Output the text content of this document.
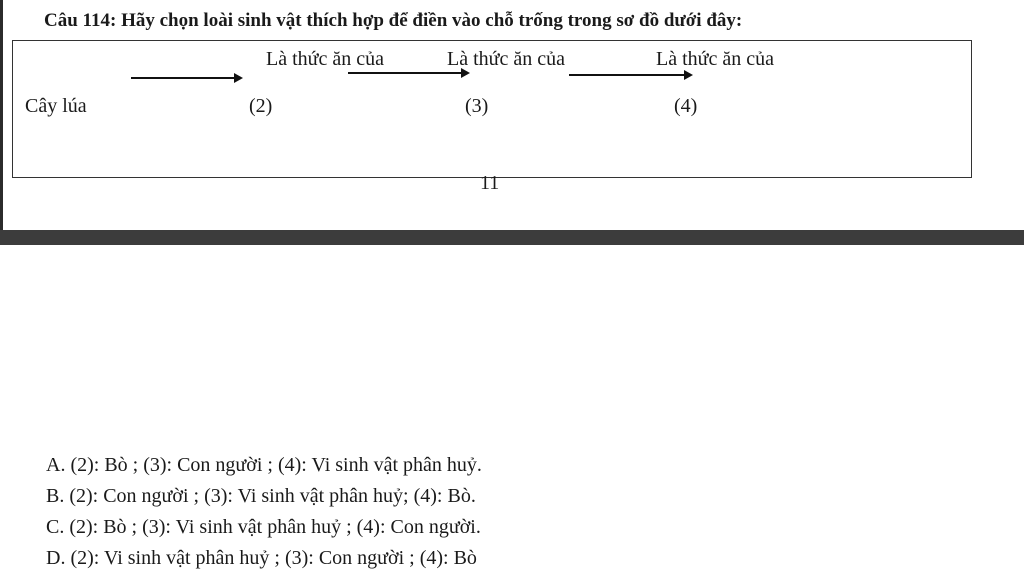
Câu 114: Hãy chọn loài sinh vật thích hợp để điền vào chỗ trống trong sơ đồ dưới đây:
Cây lúa
Là thức ăn của
(2)
Là thức ăn của
(3)
Là thức ăn của
(4)
11
A. (2): Bò ; (3): Con người ; (4): Vi sinh vật phân huỷ.
B. (2): Con người ; (3): Vi sinh vật phân huỷ; (4): Bò.
C. (2): Bò ; (3): Vi sinh vật phân huỷ ; (4): Con người.
D. (2): Vi sinh vật phân huỷ ; (3): Con người ; (4): Bò
